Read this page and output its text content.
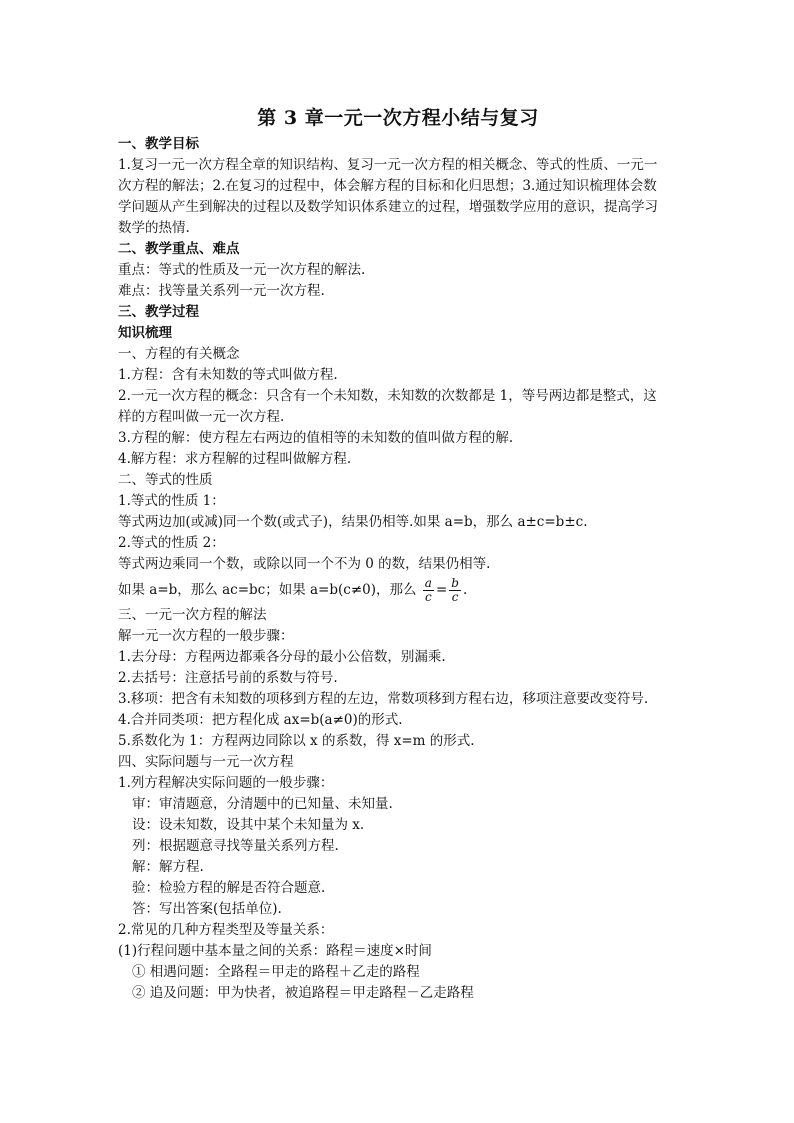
第 3 章一元一次方程小结与复习
一、教学目标
1.复习一元一次方程全章的知识结构、复习一元一次方程的相关概念、等式的性质、一元一
次方程的解法；2.在复习的过程中，体会解方程的目标和化归思想；3.通过知识梳理体会数
学问题从产生到解决的过程以及数学知识体系建立的过程，增强数学应用的意识，提高学习
数学的热情.
二、教学重点、难点
重点：等式的性质及一元一次方程的解法.
难点：找等量关系列一元一次方程.
三、教学过程
知识梳理
一、方程的有关概念
1.方程：含有未知数的等式叫做方程.
2.一元一次方程的概念：只含有一个未知数，未知数的次数都是 1，等号两边都是整式，这
样的方程叫做一元一次方程.
3.方程的解：使方程左右两边的值相等的未知数的值叫做方程的解.
4.解方程：求方程解的过程叫做解方程.
二、等式的性质
1.等式的性质 1：
等式两边加(或减)同一个数(或式子)，结果仍相等.如果 a=b，那么 a±c=b±c.
2.等式的性质 2：
等式两边乘同一个数，或除以同一个不为 0 的数，结果仍相等.
如果 a=b，那么 ac=bc；如果 a=b(c≠0)，那么 $\frac{a}{c} = \frac{b}{c}$ .
三、一元一次方程的解法
解一元一次方程的一般步骤：
1.去分母：方程两边都乘各分母的最小公倍数，别漏乘.
2.去括号：注意括号前的系数与符号.
3.移项：把含有未知数的项移到方程的左边，常数项移到方程右边，移项注意要改变符号.
4.合并同类项：把方程化成 ax=b(a≠0)的形式.
5.系数化为 1：方程两边同除以 x 的系数，得 x=m 的形式.
四、实际问题与一元一次方程
1.列方程解决实际问题的一般步骤：
审：审清题意，分清题中的已知量、未知量.
设：设未知数，设其中某个未知量为 x.
列：根据题意寻找等量关系列方程.
解：解方程.
验：检验方程的解是否符合题意.
答：写出答案(包括单位).
2.常见的几种方程类型及等量关系：
(1)行程问题中基本量之间的关系：路程＝速度×时间
① 相遇问题：全路程＝甲走的路程＋乙走的路程
② 追及问题：甲为快者，被追路程＝甲走路程－乙走路程
